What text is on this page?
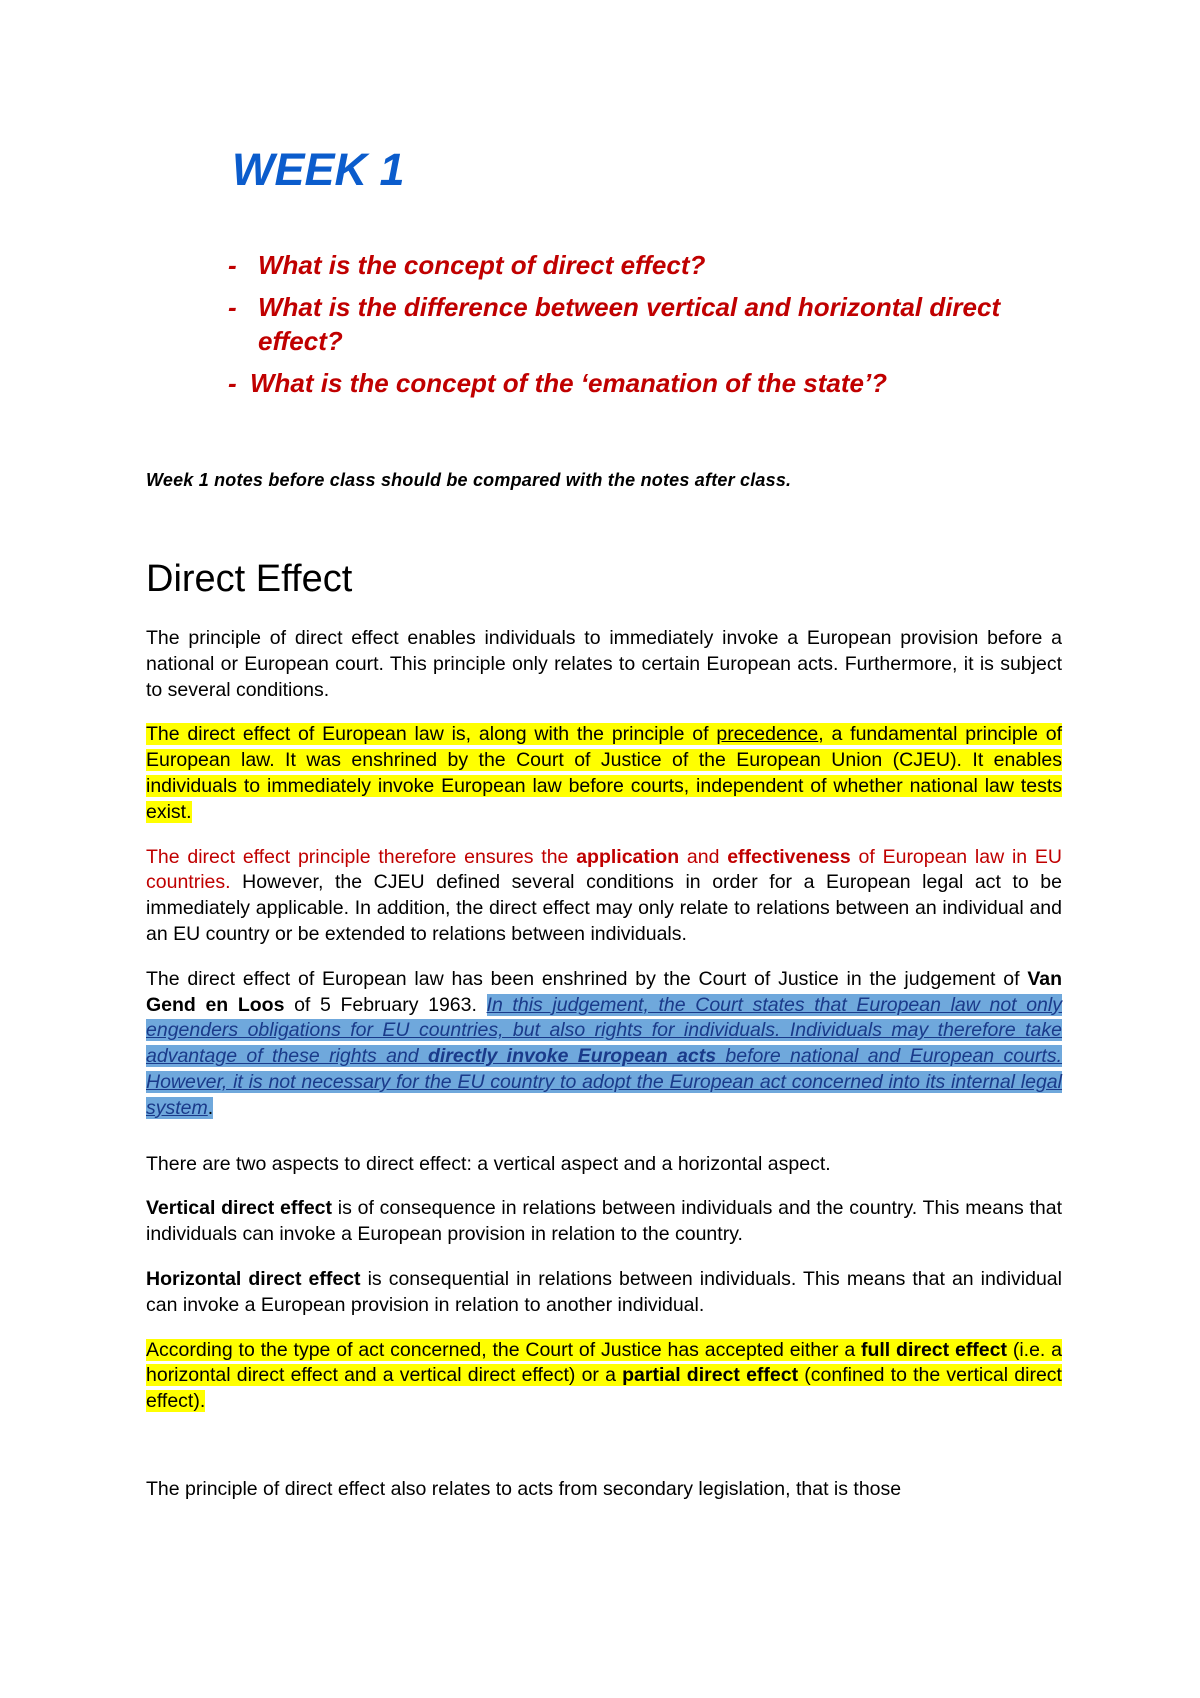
WEEK 1
- What is the concept of direct effect?
- What is the difference between vertical and horizontal direct effect?
- What is the concept of the ‘emanation of the state’?

Week 1 notes before class should be compared with the notes after class.

Direct Effect

The principle of direct effect enables individuals to immediately invoke a European provision before a national or European court. This principle only relates to certain European acts. Furthermore, it is subject to several conditions.

The direct effect of European law is, along with the principle of precedence, a fundamental principle of European law. It was enshrined by the Court of Justice of the European Union (CJEU). It enables individuals to immediately invoke European law before courts, independent of whether national law tests exist.

The direct effect principle therefore ensures the application and effectiveness of European law in EU countries. However, the CJEU defined several conditions in order for a European legal act to be immediately applicable. In addition, the direct effect may only relate to relations between an individual and an EU country or be extended to relations between individuals.

The direct effect of European law has been enshrined by the Court of Justice in the judgement of Van Gend en Loos of 5 February 1963. In this judgement, the Court states that European law not only engenders obligations for EU countries, but also rights for individuals. Individuals may therefore take advantage of these rights and directly invoke European acts before national and European courts. However, it is not necessary for the EU country to adopt the European act concerned into its internal legal system.

There are two aspects to direct effect: a vertical aspect and a horizontal aspect.

Vertical direct effect is of consequence in relations between individuals and the country. This means that individuals can invoke a European provision in relation to the country.

Horizontal direct effect is consequential in relations between individuals. This means that an individual can invoke a European provision in relation to another individual.

According to the type of act concerned, the Court of Justice has accepted either a full direct effect (i.e. a horizontal direct effect and a vertical direct effect) or a partial direct effect (confined to the vertical direct effect).

The principle of direct effect also relates to acts from secondary legislation, that is those
